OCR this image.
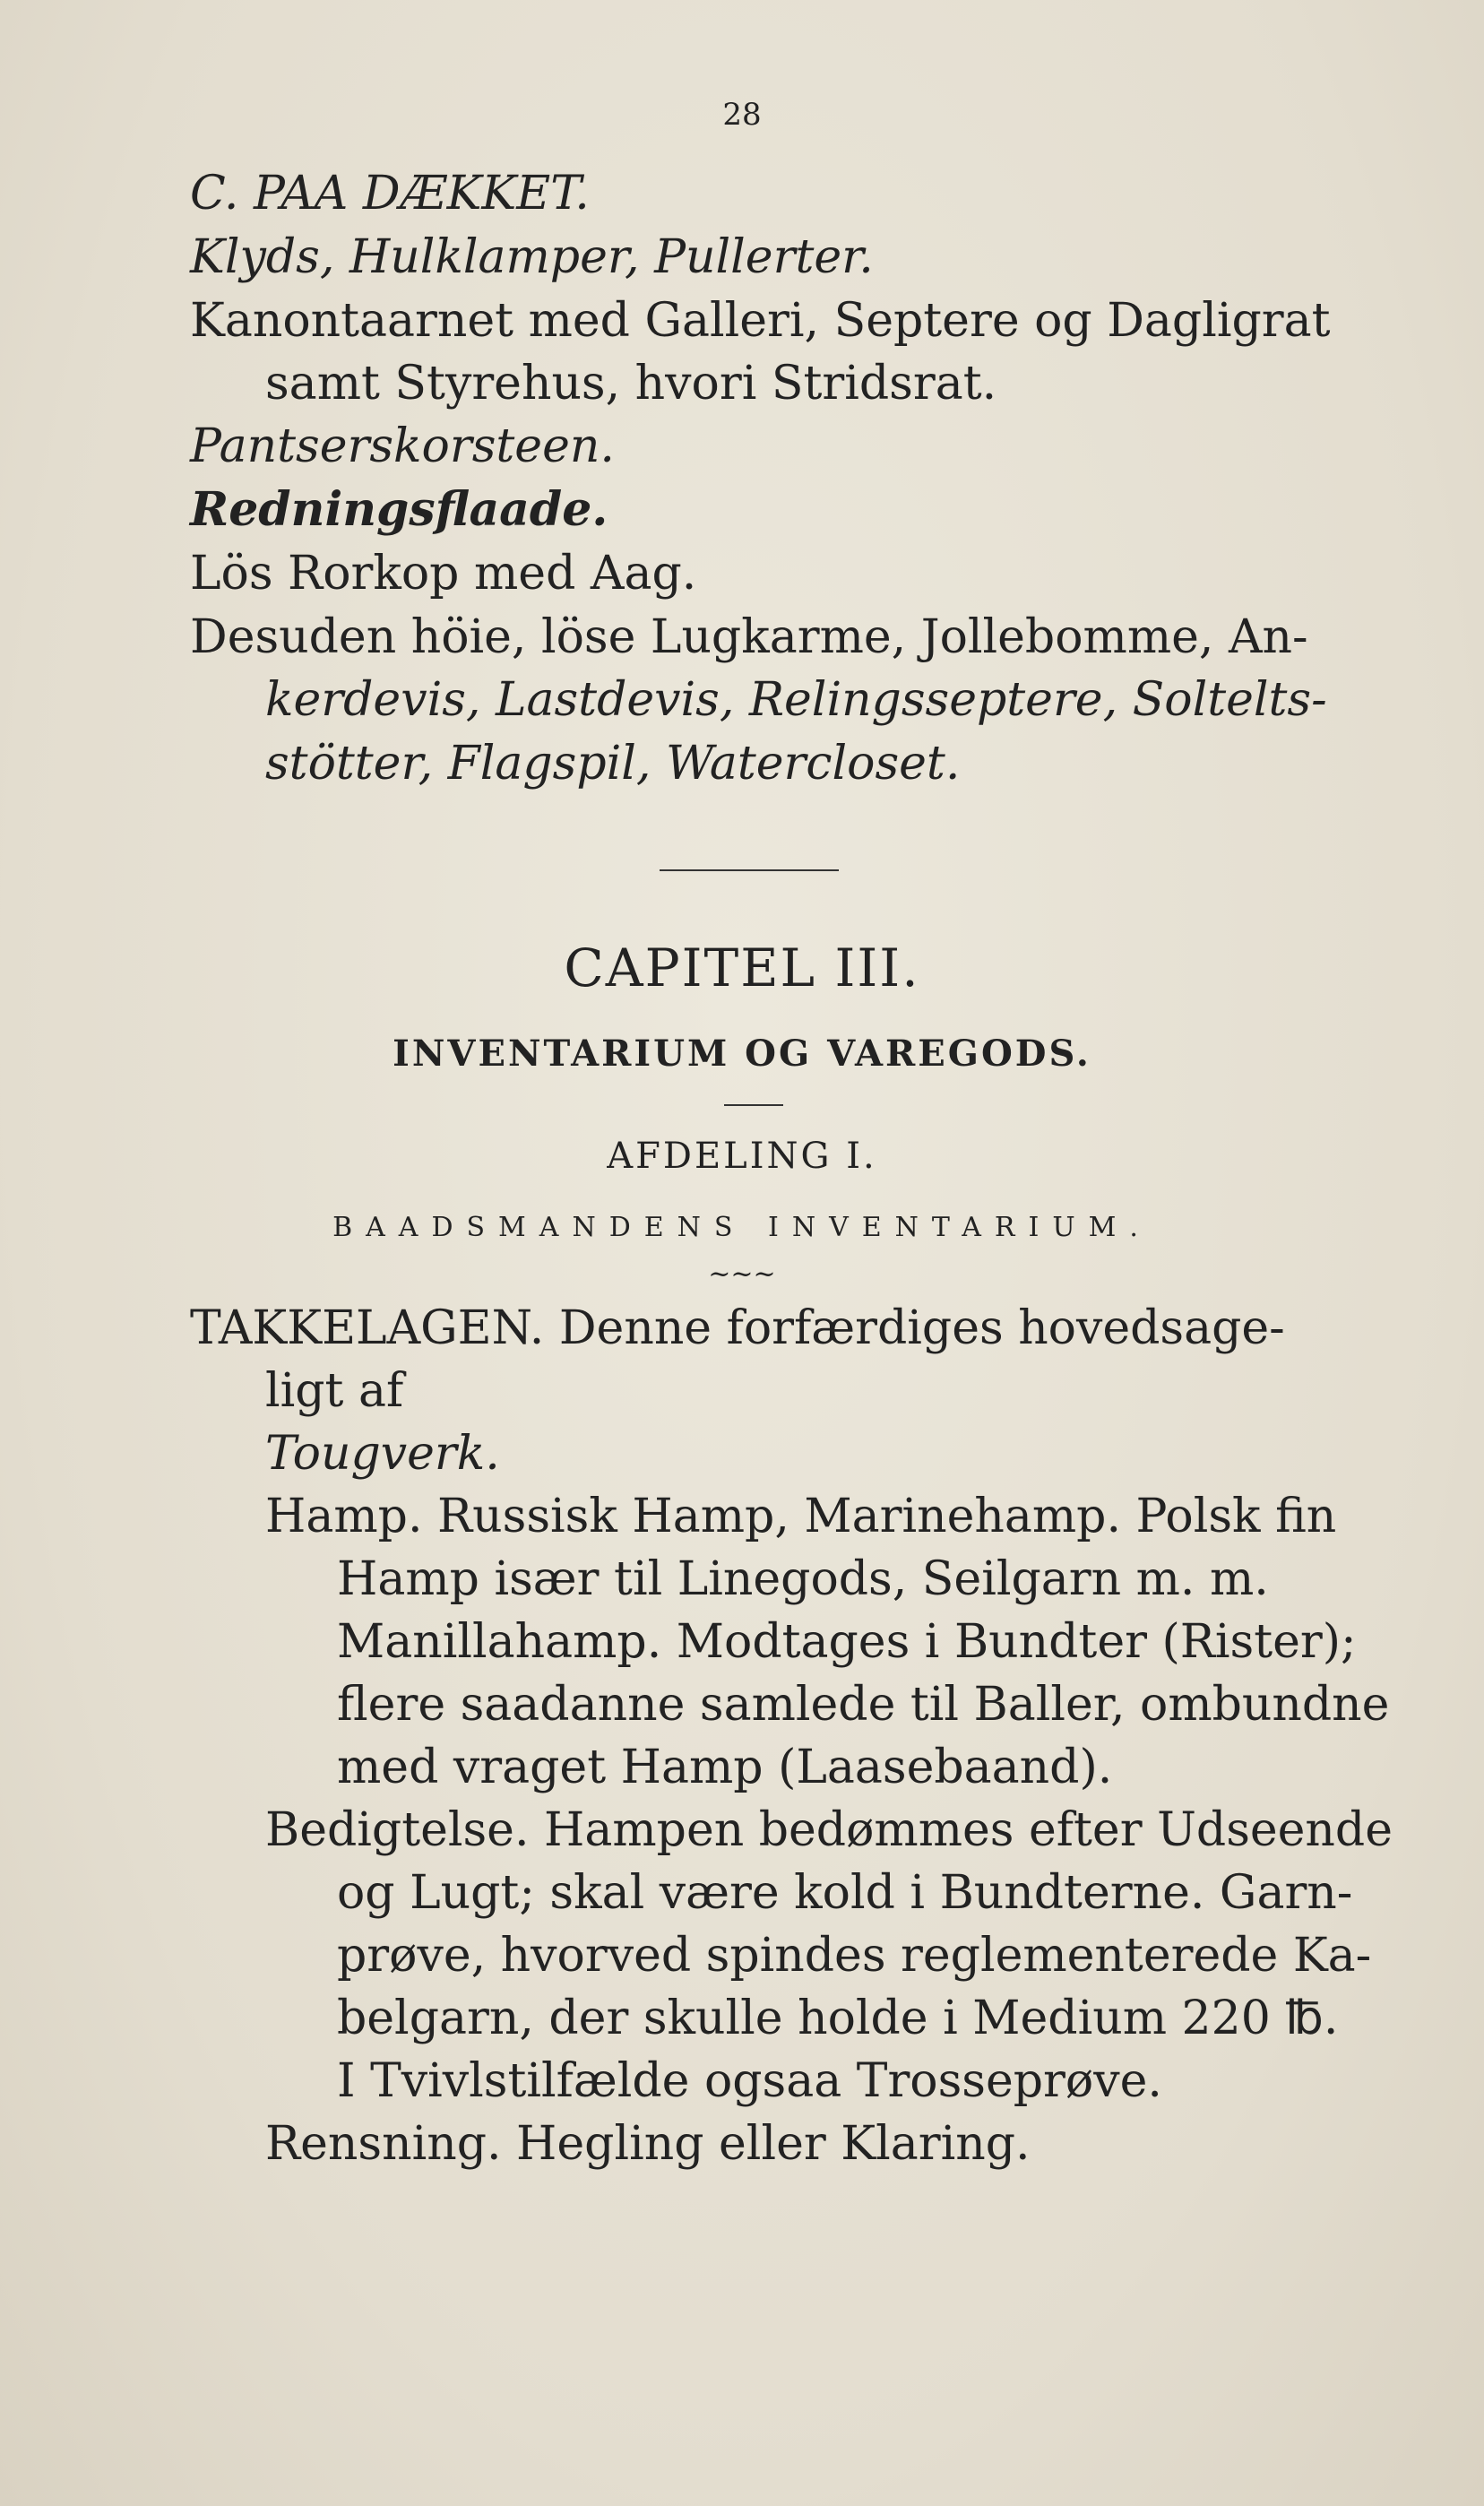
28
C. PAA DÆKKET.
Klyds, Hulklamper, Pullerter.
Kanontaarnet med Galleri, Septere og Dagligrat
samt Styrehus, hvori Stridsrat.
Pantserskorsteen.
Redningsflaade.
Lös Rorkop med Aag.
Desuden höie, löse Lugkarme, Jollebomme, An-
kerdevis, Lastdevis, Relingsseptere, Soltelts-
stötter, Flagspil, Watercloset.
CAPITEL III.
INVENTARIUM OG VAREGODS.
AFDELING I.
BAADSMANDENS INVENTARIUM.
~~~
TAKKELAGEN. Denne forfærdiges hovedsage-
ligt af
Tougverk.
Hamp. Russisk Hamp, Marinehamp. Polsk fin
Hamp især til Linegods, Seilgarn m. m.
Manillahamp. Modtages i Bundter (Rister);
flere saadanne samlede til Baller, ombundne
med vraget Hamp (Laasebaand).
Bedigtelse. Hampen bedømmes efter Udseende
og Lugt; skal være kold i Bundterne. Garn-
prøve, hvorved spindes reglementerede Ka-
belgarn, der skulle holde i Medium 220 ℔.
I Tvivlstilfælde ogsaa Trosseprøve.
Rensning. Hegling eller Klaring.
